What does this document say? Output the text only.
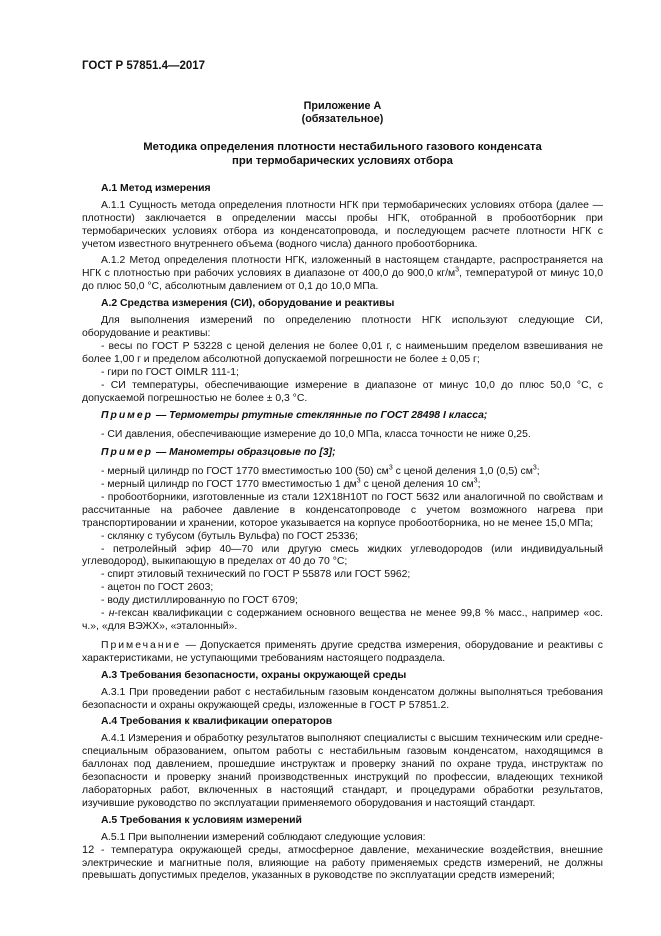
ГОСТ Р 57851.4—2017
Приложение А
(обязательное)
Методика определения плотности нестабильного газового конденсата
при термобарических условиях отбора
А.1 Метод измерения

А.1.1 Сущность метода определения плотности НГК при термобарических условиях отбора (далее — плотности) заключается в определении массы пробы НГК, отобранной в пробоотборник при термобарических условиях отбора из конденсатопровода, и последующем расчете плотности НГК с учетом известного внутреннего объема (водного числа) данного пробоотборника.

А.1.2 Метод определения плотности НГК, изложенный в настоящем стандарте, распространяется на НГК с плотностью при рабочих условиях в диапазоне от 400,0 до 900,0 $кг/м^3$, температурой от минус 10,0 до плюс 50,0 °С, абсолютным давлением от 0,1 до 10,0 МПа.

А.2 Средства измерения (СИ), оборудование и реактивы

Для выполнения измерений по определению плотности НГК используют следующие СИ, оборудование и реактивы:

- весы по ГОСТ Р 53228 с ценой деления не более 0,01 г, с наименьшим пределом взвешивания не более 1,00 г и пределом абсолютной допускаемой погрешности не более ± 0,05 г;

- гири по ГОСТ OIMLR 111-1;

- СИ температуры, обеспечивающие измерение в диапазоне от минус 10,0 до плюс 50,0 °С, с допускаемой погрешностью не более ± 0,3 °С.

Пример — Термометры ртутные стеклянные по ГОСТ 28498 I класса;

- СИ давления, обеспечивающие измерение до 10,0 МПа, класса точности не ниже 0,25.

Пример — Манометры образцовые по [3];

- мерный цилиндр по ГОСТ 1770 вместимостью 100 (50) $см^3$ с ценой деления 1,0 (0,5) $см^3$;

- мерный цилиндр по ГОСТ 1770 вместимостью 1 $дм^3$ с ценой деления 10 $см^3$;

- пробоотборники, изготовленные из стали 12Х18Н10Т по ГОСТ 5632 или аналогичной по свойствам и рассчитанные на рабочее давление в конденсатопроводе с учетом возможного нагрева при транспортировании и хранении, которое указывается на корпусе пробоотборника, но не менее 15,0 МПа;

- склянку с тубусом (бутыль Вульфа) по ГОСТ 25336;

- петролейный эфир 40—70 или другую смесь жидких углеводородов (или индивидуальный углеводород), выкипающую в пределах от 40 до 70 °С;

- спирт этиловый технический по ГОСТ Р 55878 или ГОСТ 5962;

- ацетон по ГОСТ 2603;

- воду дистиллированную по ГОСТ 6709;

- н-гексан квалификации с содержанием основного вещества не менее 99,8 % масс., например «ос. ч.», «для ВЭЖХ», «эталонный».

Примечание — Допускается применять другие средства измерения, оборудование и реактивы с характеристиками, не уступающими требованиям настоящего подраздела.

А.3 Требования безопасности, охраны окружающей среды

А.3.1 При проведении работ с нестабильным газовым конденсатом должны выполняться требования безопасности и охраны окружающей среды, изложенные в ГОСТ Р 57851.2.

А.4 Требования к квалификации операторов

А.4.1 Измерения и обработку результатов выполняют специалисты с высшим техническим или среднеспециальным образованием, опытом работы с нестабильным газовым конденсатом, находящимся в баллонах под давлением, прошедшие инструктаж и проверку знаний по охране труда, инструктаж по безопасности и проверку знаний производственных инструкций по профессии, владеющих техникой лабораторных работ, включенных в настоящий стандарт, и процедурами обработки результатов, изучившие руководство по эксплуатации применяемого оборудования и настоящий стандарт.

А.5 Требования к условиям измерений

А.5.1 При выполнении измерений соблюдают следующие условия:

- температура окружающей среды, атмосферное давление, механические воздействия, внешние электрические и магнитные поля, влияющие на работу применяемых средств измерений, не должны превышать допустимых пределов, указанных в руководстве по эксплуатации средств измерений;

12
